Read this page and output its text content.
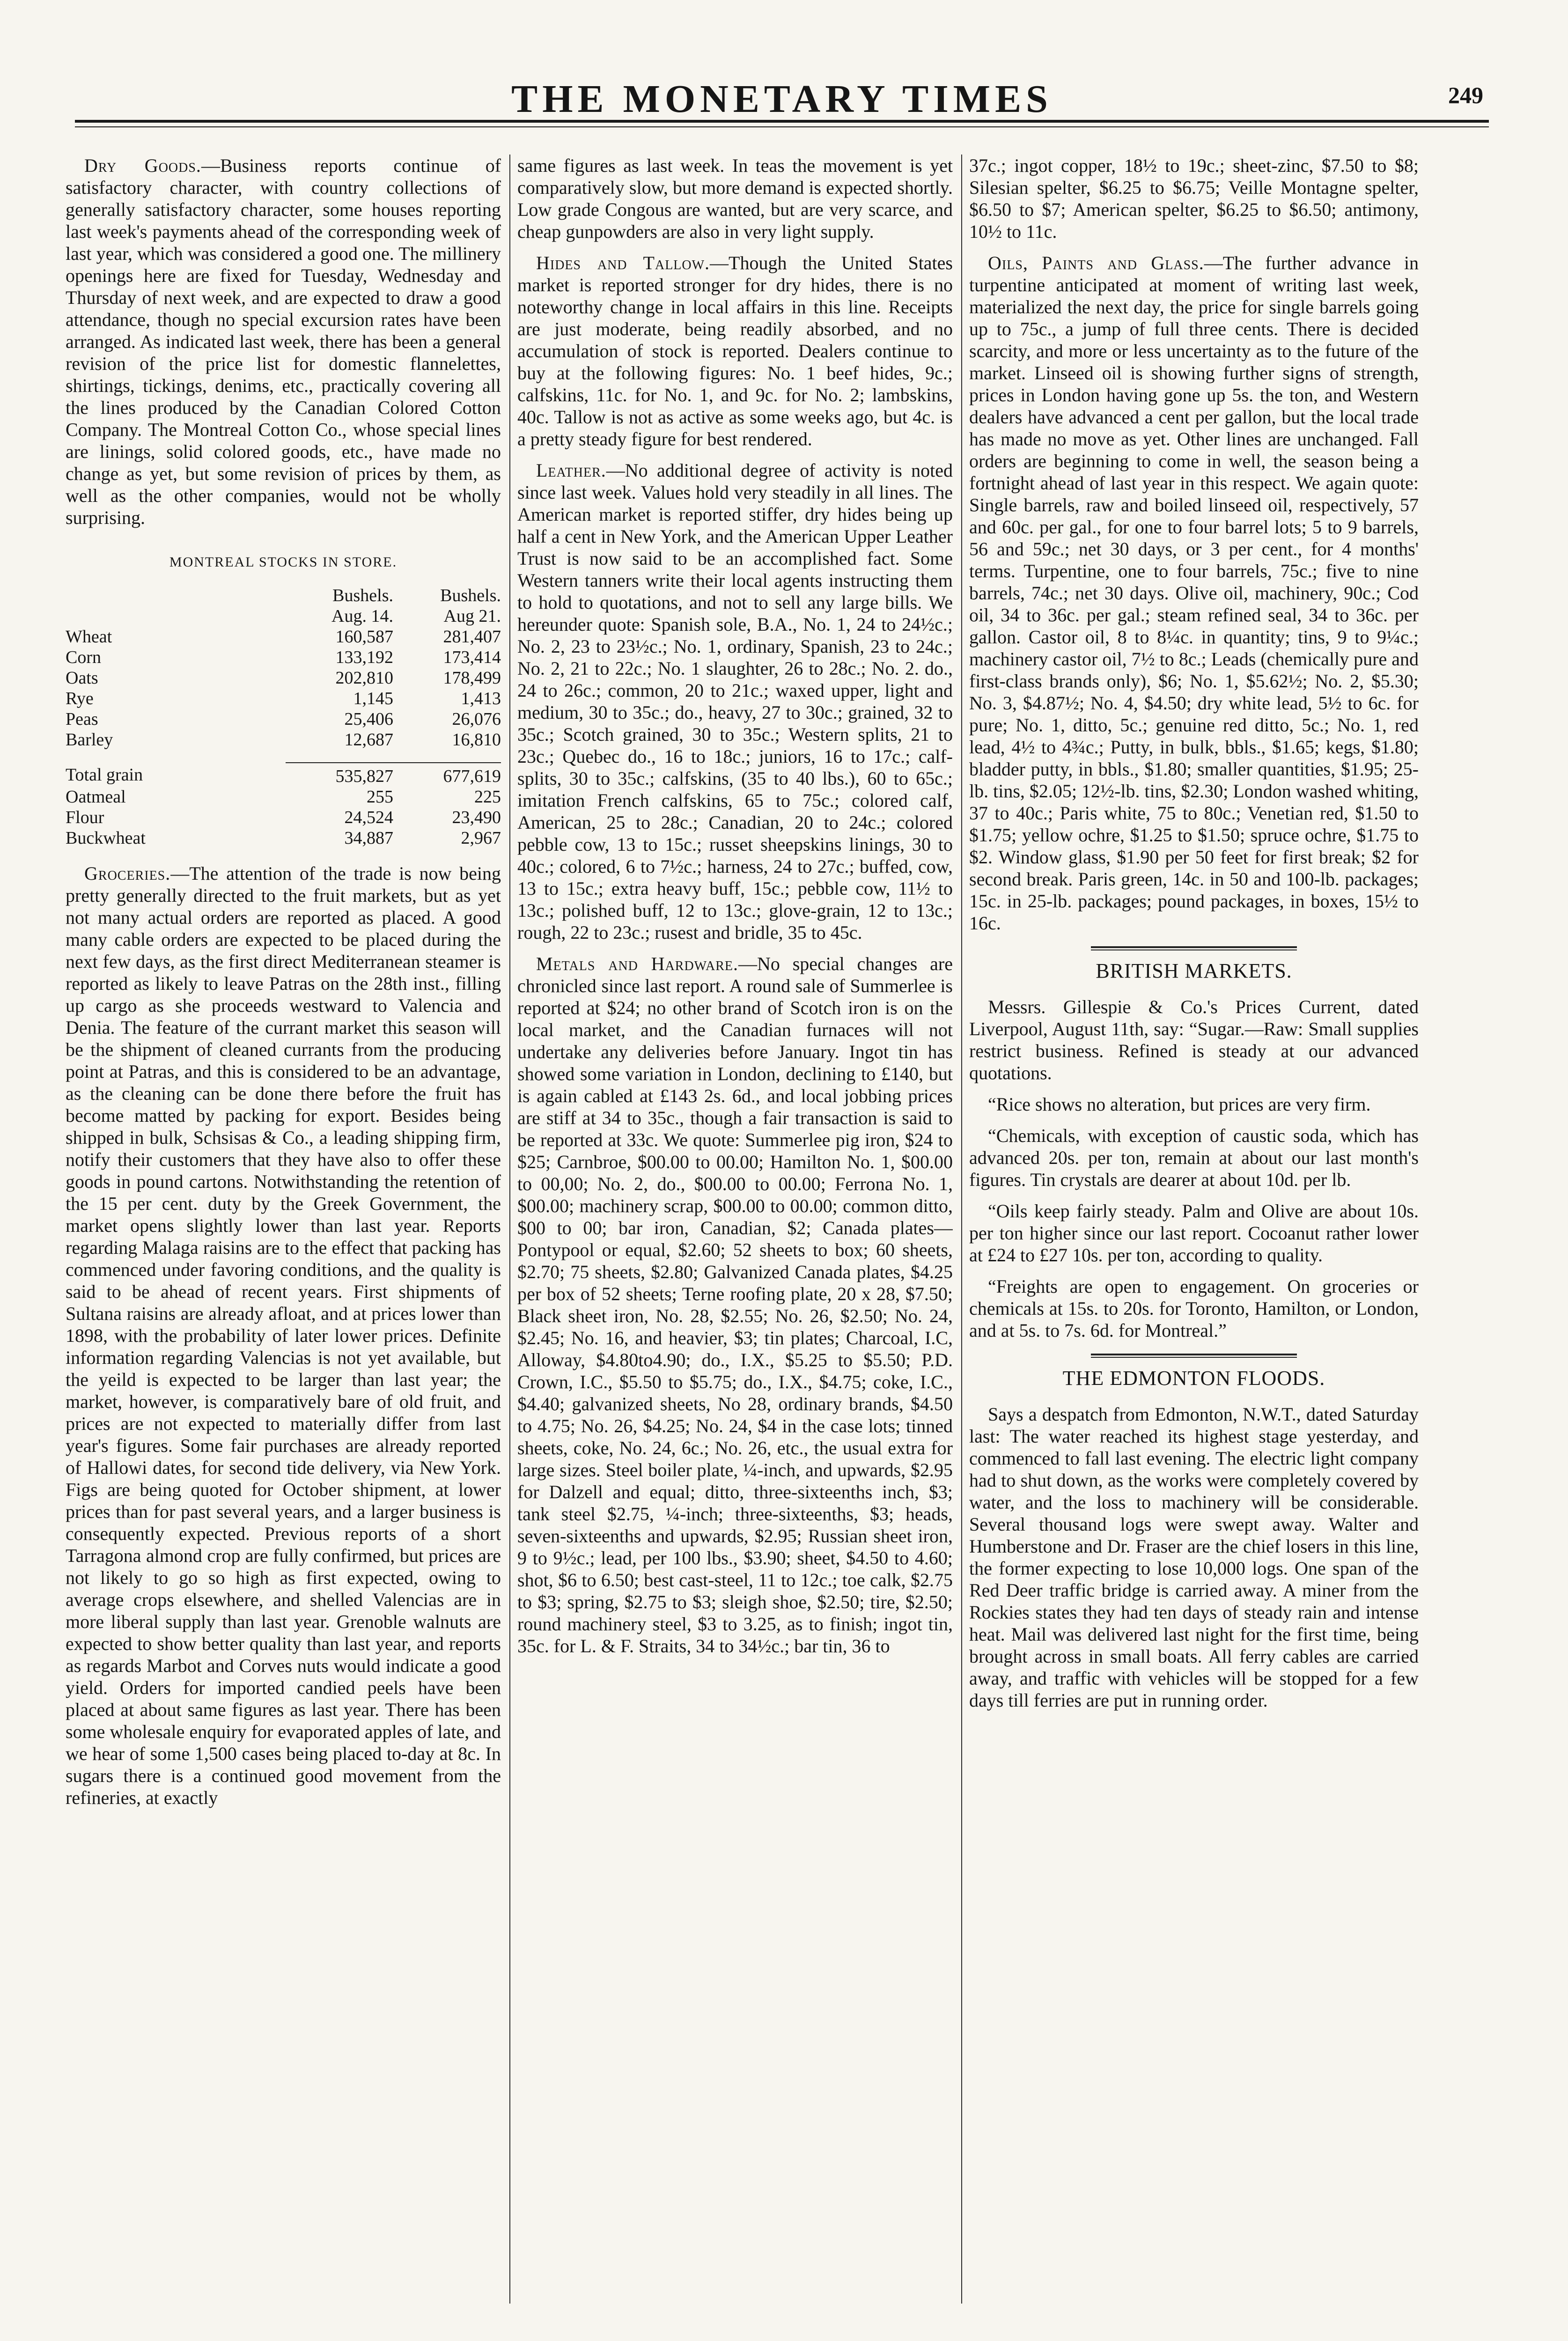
THE MONETARY TIMES	249

Dry Goods.—Business reports continue of satisfactory character, with country collections of generally satisfactory character, some houses reporting last week's payments ahead of the corresponding week of last year, which was considered a good one. The millinery openings here are fixed for Tuesday, Wednesday and Thursday of next week, and are expected to draw a good attendance, though no special excursion rates have been arranged. As indicated last week, there has been a general revision of the price list for domestic flannelettes, shirtings, tickings, denims, etc., practically covering all the lines produced by the Canadian Colored Cotton Company. The Montreal Cotton Co., whose special lines are linings, solid colored goods, etc., have made no change as yet, but some revision of prices by them, as well as the other companies, would not be wholly surprising.

MONTREAL STOCKS IN STORE.
	Bushels.	Bushels.
	Aug. 14.	Aug 21.
Wheat	160,587	281,407
Corn	133,192	173,414
Oats	202,810	178,499
Rye	1,145	1,413
Peas	25,406	26,076
Barley	12,687	16,810

Total grain	535,827	677,619
Oatmeal	255	225
Flour	24,524	23,490
Buckwheat	34,887	2,967

Groceries.—The attention of the trade is now being pretty generally directed to the fruit markets, but as yet not many actual orders are reported as placed. A good many cable orders are expected to be placed during the next few days, as the first direct Mediterranean steamer is reported as likely to leave Patras on the 28th inst., filling up cargo as she proceeds westward to Valencia and Denia. The feature of the currant market this season will be the shipment of cleaned currants from the producing point at Patras, and this is considered to be an advantage, as the cleaning can be done there before the fruit has become matted by packing for export. Besides being shipped in bulk, Schsisas & Co., a leading shipping firm, notify their customers that they have also to offer these goods in pound cartons. Notwithstanding the retention of the 15 per cent. duty by the Greek Government, the market opens slightly lower than last year. Reports regarding Malaga raisins are to the effect that packing has commenced under favoring conditions, and the quality is said to be ahead of recent years. First shipments of Sultana raisins are already afloat, and at prices lower than 1898, with the probability of later lower prices. Definite information regarding Valencias is not yet available, but the yeild is expected to be larger than last year; the market, however, is comparatively bare of old fruit, and prices are not expected to materially differ from last year's figures. Some fair purchases are already reported of Hallowi dates, for second tide delivery, via New York. Figs are being quoted for October shipment, at lower prices than for past several years, and a larger business is consequently expected. Previous reports of a short Tarragona almond crop are fully confirmed, but prices are not likely to go so high as first expected, owing to average crops elsewhere, and shelled Valencias are in more liberal supply than last year. Grenoble walnuts are expected to show better quality than last year, and reports as regards Marbot and Corves nuts would indicate a good yield. Orders for imported candied peels have been placed at about same figures as last year. There has been some wholesale enquiry for evaporated apples of late, and we hear of some 1,500 cases being placed to-day at 8c. In sugars there is a continued good movement from the refineries, at exactly

same figures as last week. In teas the movement is yet comparatively slow, but more demand is expected shortly. Low grade Congous are wanted, but are very scarce, and cheap gunpowders are also in very light supply.

Hides and Tallow.—Though the United States market is reported stronger for dry hides, there is no noteworthy change in local affairs in this line. Receipts are just moderate, being readily absorbed, and no accumulation of stock is reported. Dealers continue to buy at the following figures: No. 1 beef hides, 9c.; calfskins, 11c. for No. 1, and 9c. for No. 2; lambskins, 40c. Tallow is not as active as some weeks ago, but 4c. is a pretty steady figure for best rendered.

Leather.—No additional degree of activity is noted since last week. Values hold very steadily in all lines. The American market is reported stiffer, dry hides being up half a cent in New York, and the American Upper Leather Trust is now said to be an accomplished fact. Some Western tanners write their local agents instructing them to hold to quotations, and not to sell any large bills. We hereunder quote: Spanish sole, B.A., No. 1, 24 to 24½c.; No. 2, 23 to 23½c.; No. 1, ordinary, Spanish, 23 to 24c.; No. 2, 21 to 22c.; No. 1 slaughter, 26 to 28c.; No. 2. do., 24 to 26c.; common, 20 to 21c.; waxed upper, light and medium, 30 to 35c.; do., heavy, 27 to 30c.; grained, 32 to 35c.; Scotch grained, 30 to 35c.; Western splits, 21 to 23c.; Quebec do., 16 to 18c.; juniors, 16 to 17c.; calf-splits, 30 to 35c.; calfskins, (35 to 40 lbs.), 60 to 65c.; imitation French calfskins, 65 to 75c.; colored calf, American, 25 to 28c.; Canadian, 20 to 24c.; colored pebble cow, 13 to 15c.; russet sheepskins linings, 30 to 40c.; colored, 6 to 7½c.; harness, 24 to 27c.; buffed, cow, 13 to 15c.; extra heavy buff, 15c.; pebble cow, 11½ to 13c.; polished buff, 12 to 13c.; glove-grain, 12 to 13c.; rough, 22 to 23c.; rusest and bridle, 35 to 45c.

Metals and Hardware.—No special changes are chronicled since last report. A round sale of Summerlee is reported at $24; no other brand of Scotch iron is on the local market, and the Canadian furnaces will not undertake any deliveries before January. Ingot tin has showed some variation in London, declining to £140, but is again cabled at £143 2s. 6d., and local jobbing prices are stiff at 34 to 35c., though a fair transaction is said to be reported at 33c. We quote: Summerlee pig iron, $24 to $25; Carnbroe, $00.00 to 00.00; Hamilton No. 1, $00.00 to 00,00; No. 2, do., $00.00 to 00.00; Ferrona No. 1, $00.00; machinery scrap, $00.00 to 00.00; common ditto, $00 to 00; bar iron, Canadian, $2; Canada plates—Pontypool or equal, $2.60; 52 sheets to box; 60 sheets, $2.70; 75 sheets, $2.80; Galvanized Canada plates, $4.25 per box of 52 sheets; Terne roofing plate, 20 x 28, $7.50; Black sheet iron, No. 28, $2.55; No. 26, $2.50; No. 24, $2.45; No. 16, and heavier, $3; tin plates; Charcoal, I.C, Alloway, $4.80to4.90; do., I.X., $5.25 to $5.50; P.D. Crown, I.C., $5.50 to $5.75; do., I.X., $4.75; coke, I.C., $4.40; galvanized sheets, No 28, ordinary brands, $4.50 to 4.75; No. 26, $4.25; No. 24, $4 in the case lots; tinned sheets, coke, No. 24, 6c.; No. 26, etc., the usual extra for large sizes. Steel boiler plate, ¼-inch, and upwards, $2.95 for Dalzell and equal; ditto, three-sixteenths inch, $3; tank steel $2.75, ¼-inch; three-sixteenths, $3; heads, seven-sixteenths and upwards, $2.95; Russian sheet iron, 9 to 9½c.; lead, per 100 lbs., $3.90; sheet, $4.50 to 4.60; shot, $6 to 6.50; best cast-steel, 11 to 12c.; toe calk, $2.75 to $3; spring, $2.75 to $3; sleigh shoe, $2.50; tire, $2.50; round machinery steel, $3 to 3.25, as to finish; ingot tin, 35c. for L. & F. Straits, 34 to 34½c.; bar tin, 36 to

37c.; ingot copper, 18½ to 19c.; sheet-zinc, $7.50 to $8; Silesian spelter, $6.25 to $6.75; Veille Montagne spelter, $6.50 to $7; American spelter, $6.25 to $6.50; antimony, 10½ to 11c.

Oils, Paints and Glass.—The further advance in turpentine anticipated at moment of writing last week, materialized the next day, the price for single barrels going up to 75c., a jump of full three cents. There is decided scarcity, and more or less uncertainty as to the future of the market. Linseed oil is showing further signs of strength, prices in London having gone up 5s. the ton, and Western dealers have advanced a cent per gallon, but the local trade has made no move as yet. Other lines are unchanged. Fall orders are beginning to come in well, the season being a fortnight ahead of last year in this respect. We again quote: Single barrels, raw and boiled linseed oil, respectively, 57 and 60c. per gal., for one to four barrel lots; 5 to 9 barrels, 56 and 59c.; net 30 days, or 3 per cent., for 4 months' terms. Turpentine, one to four barrels, 75c.; five to nine barrels, 74c.; net 30 days. Olive oil, machinery, 90c.; Cod oil, 34 to 36c. per gal.; steam refined seal, 34 to 36c. per gallon. Castor oil, 8 to 8¼c. in quantity; tins, 9 to 9¼c.; machinery castor oil, 7½ to 8c.; Leads (chemically pure and first-class brands only), $6; No. 1, $5.62½; No. 2, $5.30; No. 3, $4.87½; No. 4, $4.50; dry white lead, 5½ to 6c. for pure; No. 1, ditto, 5c.; genuine red ditto, 5c.; No. 1, red lead, 4½ to 4¾c.; Putty, in bulk, bbls., $1.65; kegs, $1.80; bladder putty, in bbls., $1.80; smaller quantities, $1.95; 25-lb. tins, $2.05; 12½-lb. tins, $2.30; London washed whiting, 37 to 40c.; Paris white, 75 to 80c.; Venetian red, $1.50 to $1.75; yellow ochre, $1.25 to $1.50; spruce ochre, $1.75 to $2. Window glass, $1.90 per 50 feet for first break; $2 for second break. Paris green, 14c. in 50 and 100-lb. packages; 15c. in 25-lb. packages; pound packages, in boxes, 15½ to 16c.

BRITISH MARKETS.

Messrs. Gillespie & Co.'s Prices Current, dated Liverpool, August 11th, say: “Sugar.—Raw: Small supplies restrict business. Refined is steady at our advanced quotations.

“Rice shows no alteration, but prices are very firm.

“Chemicals, with exception of caustic soda, which has advanced 20s. per ton, remain at about our last month's figures. Tin crystals are dearer at about 10d. per lb.

“Oils keep fairly steady. Palm and Olive are about 10s. per ton higher since our last report. Cocoanut rather lower at £24 to £27 10s. per ton, according to quality.

“Freights are open to engagement. On groceries or chemicals at 15s. to 20s. for Toronto, Hamilton, or London, and at 5s. to 7s. 6d. for Montreal.”

THE EDMONTON FLOODS.

Says a despatch from Edmonton, N.W.T., dated Saturday last: The water reached its highest stage yesterday, and commenced to fall last evening. The electric light company had to shut down, as the works were completely covered by water, and the loss to machinery will be considerable. Several thousand logs were swept away. Walter and Humberstone and Dr. Fraser are the chief losers in this line, the former expecting to lose 10,000 logs. One span of the Red Deer traffic bridge is carried away. A miner from the Rockies states they had ten days of steady rain and intense heat. Mail was delivered last night for the first time, being brought across in small boats. All ferry cables are carried away, and traffic with vehicles will be stopped for a few days till ferries are put in running order.
